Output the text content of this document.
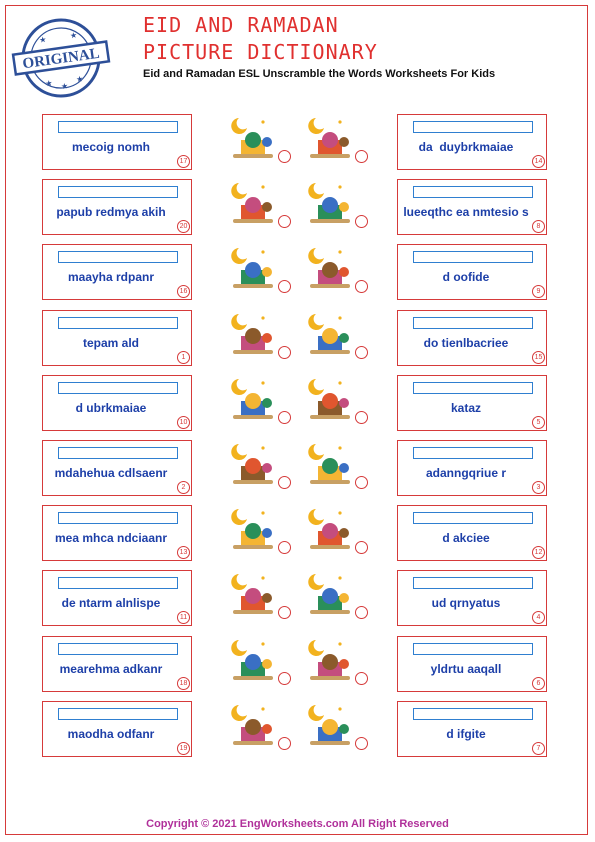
ORIGINAL
★	★
★	★
★
EID AND RAMADAN
PICTURE DICTIONARY
Eid and Ramadan ESL Unscramble the Words Worksheets For Kids
mecoig nomh
17
da  duybrkmaiae
14
papub redmya akih
20
lueeqthc ea nmtesio s
8
maayha rdpanr
16
d oofide
9
tepam ald
1
do tienlbacriee
15
d ubrkmaiae
10
kataz
5
mdahehua cdlsaenr
2
adanngqriue r
3
mea mhca ndciaanr
13
d akciee
12
de ntarm alnlispe
11
ud qrnyatus
4
mearehma adkanr
18
yldrtu aaqall
6
maodha odfanr
19
d ifgite
7
Copyright © 2021 EngWorksheets.com All Right Reserved
